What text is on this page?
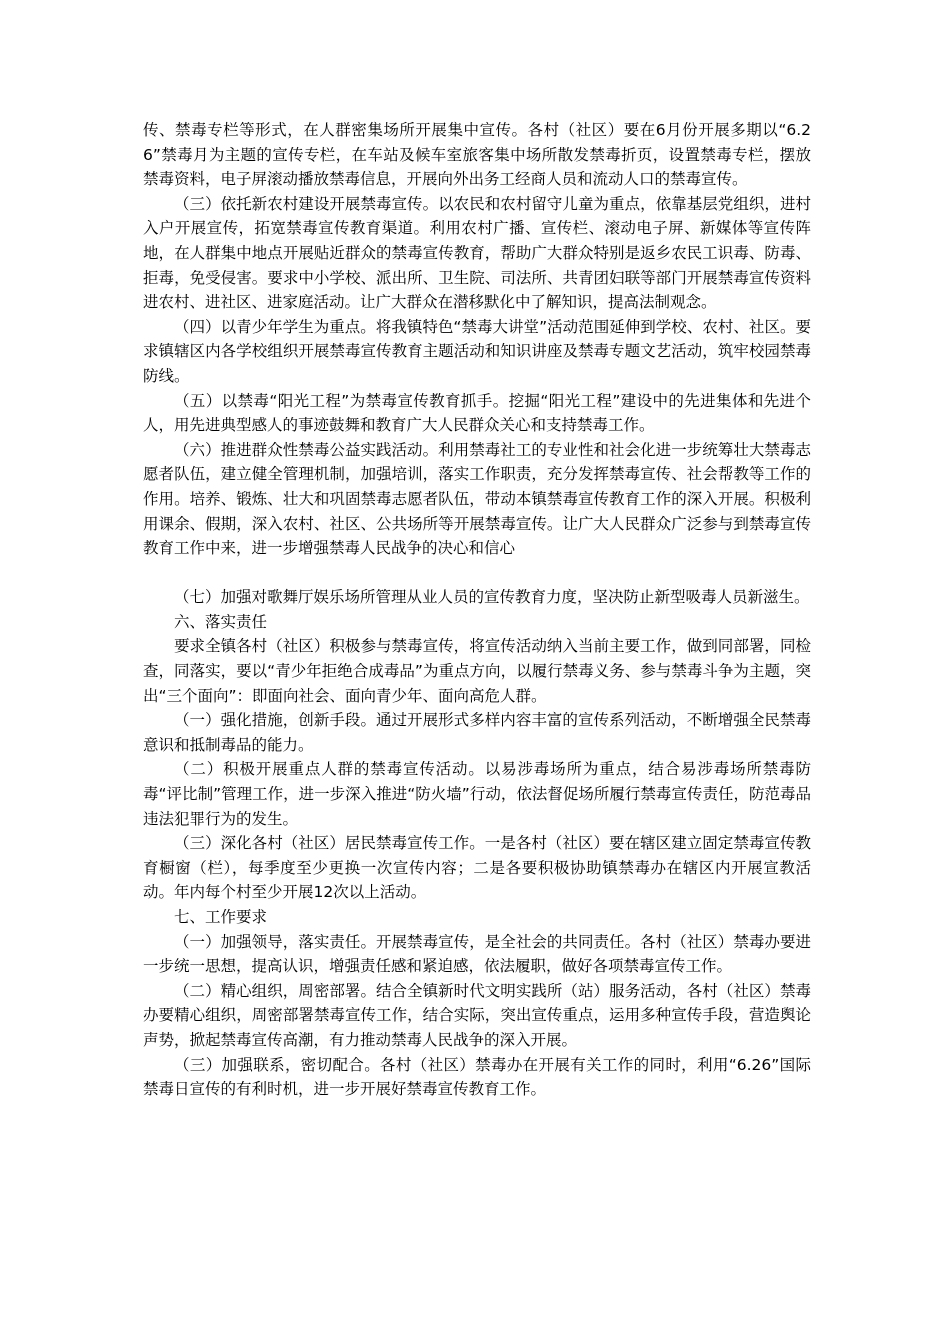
传、禁毒专栏等形式，在人群密集场所开展集中宣传。各村（社区）要在6月份开展多期以“6.26”禁毒月为主题的宣传专栏，在车站及候车室旅客集中场所散发禁毒折页，设置禁毒专栏，摆放禁毒资料，电子屏滚动播放禁毒信息，开展向外出务工经商人员和流动人口的禁毒宣传。

（三）依托新农村建设开展禁毒宣传。以农民和农村留守儿童为重点，依靠基层党组织，进村入户开展宣传，拓宽禁毒宣传教育渠道。利用农村广播、宣传栏、滚动电子屏、新媒体等宣传阵地，在人群集中地点开展贴近群众的禁毒宣传教育，帮助广大群众特别是返乡农民工识毒、防毒、拒毒，免受侵害。要求中小学校、派出所、卫生院、司法所、共青团妇联等部门开展禁毒宣传资料进农村、进社区、进家庭活动。让广大群众在潜移默化中了解知识，提高法制观念。

（四）以青少年学生为重点。将我镇特色“禁毒大讲堂”活动范围延伸到学校、农村、社区。要求镇辖区内各学校组织开展禁毒宣传教育主题活动和知识讲座及禁毒专题文艺活动，筑牢校园禁毒防线。

（五）以禁毒“阳光工程”为禁毒宣传教育抓手。挖掘“阳光工程”建设中的先进集体和先进个人，用先进典型感人的事迹鼓舞和教育广大人民群众关心和支持禁毒工作。

（六）推进群众性禁毒公益实践活动。利用禁毒社工的专业性和社会化进一步统筹壮大禁毒志愿者队伍，建立健全管理机制，加强培训，落实工作职责，充分发挥禁毒宣传、社会帮教等工作的作用。培养、锻炼、壮大和巩固禁毒志愿者队伍，带动本镇禁毒宣传教育工作的深入开展。积极利用课余、假期，深入农村、社区、公共场所等开展禁毒宣传。让广大人民群众广泛参与到禁毒宣传教育工作中来，进一步增强禁毒人民战争的决心和信心

（七）加强对歌舞厅娱乐场所管理从业人员的宣传教育力度，坚决防止新型吸毒人员新滋生。

六、落实责任

要求全镇各村（社区）积极参与禁毒宣传，将宣传活动纳入当前主要工作，做到同部署，同检查，同落实，要以“青少年拒绝合成毒品”为重点方向，以履行禁毒义务、参与禁毒斗争为主题，突出“三个面向”：即面向社会、面向青少年、面向高危人群。

（一）强化措施，创新手段。通过开展形式多样内容丰富的宣传系列活动，不断增强全民禁毒意识和抵制毒品的能力。

（二）积极开展重点人群的禁毒宣传活动。以易涉毒场所为重点，结合易涉毒场所禁毒防毒“评比制”管理工作，进一步深入推进“防火墙”行动，依法督促场所履行禁毒宣传责任，防范毒品违法犯罪行为的发生。

（三）深化各村（社区）居民禁毒宣传工作。一是各村（社区）要在辖区建立固定禁毒宣传教育橱窗（栏），每季度至少更换一次宣传内容；二是各要积极协助镇禁毒办在辖区内开展宣教活动。年内每个村至少开展12次以上活动。

七、工作要求

（一）加强领导，落实责任。开展禁毒宣传，是全社会的共同责任。各村（社区）禁毒办要进一步统一思想，提高认识，增强责任感和紧迫感，依法履职，做好各项禁毒宣传工作。

（二）精心组织，周密部署。结合全镇新时代文明实践所（站）服务活动，各村（社区）禁毒办要精心组织，周密部署禁毒宣传工作，结合实际，突出宣传重点，运用多种宣传手段，营造舆论声势，掀起禁毒宣传高潮，有力推动禁毒人民战争的深入开展。

（三）加强联系，密切配合。各村（社区）禁毒办在开展有关工作的同时，利用“6.26”国际禁毒日宣传的有利时机，进一步开展好禁毒宣传教育工作。
